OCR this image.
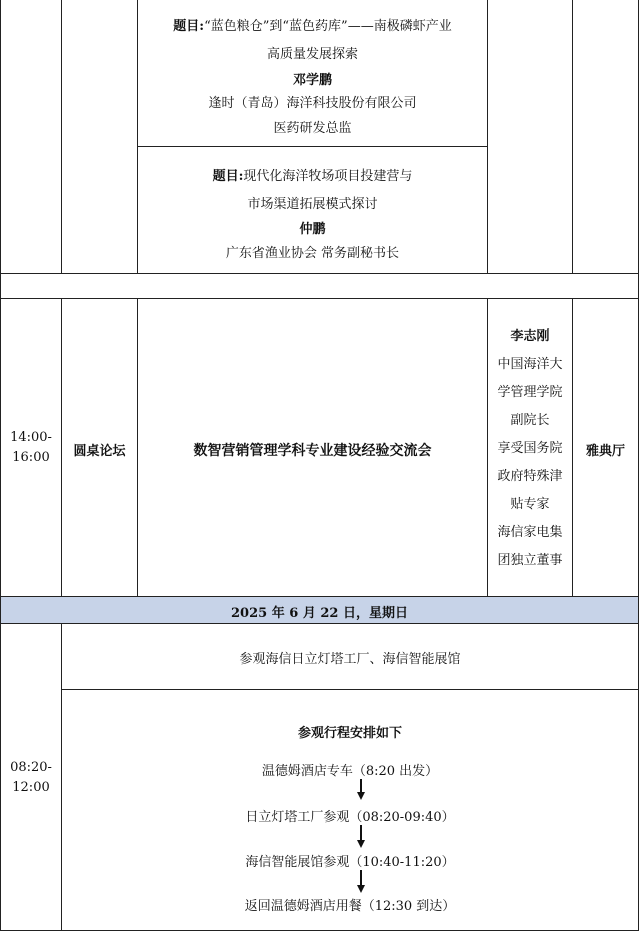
题目:“蓝色粮仓”到“蓝色药库”——南极磷虾产业
高质量发展探索
邓学鹏
逢时（青岛）海洋科技股份有限公司
医药研发总监
题目:现代化海洋牧场项目投建营与
市场渠道拓展模式探讨
仲鹏
广东省渔业协会 常务副秘书长
14:00-
16:00	圆桌论坛	数智营销管理学科专业建设经验交流会
李志刚
中国海洋大
学管理学院
副院长
享受国务院
政府特殊津
贴专家
海信家电集
团独立董事
雅典厅
2025 年 6 月 22 日，星期日
08:20-
12:00
参观海信日立灯塔工厂、海信智能展馆
参观行程安排如下
温德姆酒店专车（8:20 出发）
日立灯塔工厂参观（08:20-09:40）
海信智能展馆参观（10:40-11:20）
返回温德姆酒店用餐（12:30 到达）
